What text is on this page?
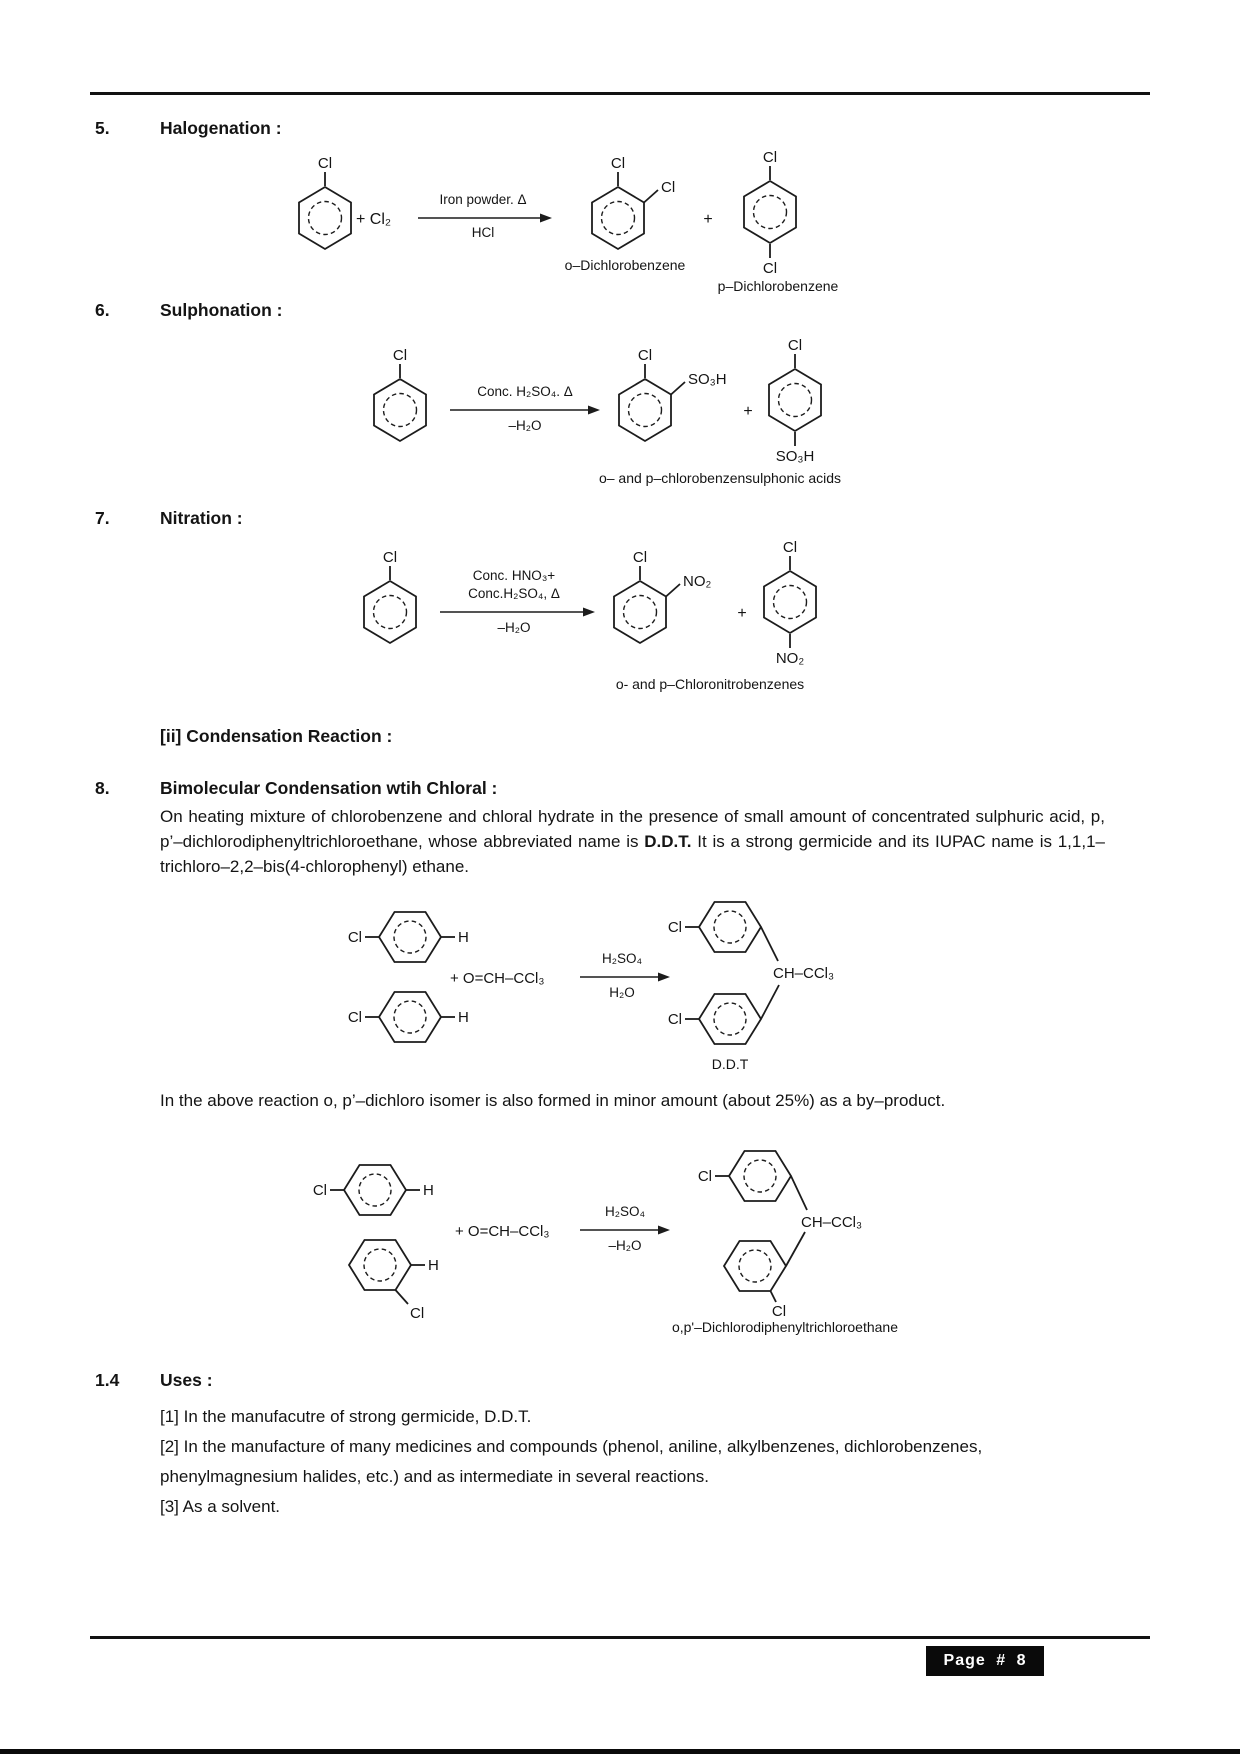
5.	Halogenation :
Cl
+ Cl₂
Iron powder. Δ
HCl
Cl
Cl
o–Dichlorobenzene
+
Cl
Cl
p–Dichlorobenzene
6.	Sulphonation :
Cl
Conc. H₂SO₄. Δ
–H₂O
Cl
SO₃H
+
Cl
SO₃H
o– and p–chlorobenzensulphonic acids
7.	Nitration :
Cl
Conc. HNO₃+
Conc.H₂SO₄, Δ
–H₂O
Cl
NO₂
+
Cl
NO₂
o- and p–Chloronitrobenzenes
[ii] Condensation Reaction :
8.	Bimolecular Condensation wtih Chloral :
On heating mixture of chlorobenzene and chloral hydrate in the presence of small amount of concentrated sulphuric acid, p, p’–dichlorodiphenyltrichloroethane, whose abbreviated name is D.D.T. It is a strong germicide and its IUPAC name is 1,1,1–trichloro–2,2–bis(4-chlorophenyl) ethane.
Cl	H
Cl	H
+ O=CH–CCl₃
H₂SO₄
H₂O
Cl
Cl
CH–CCl₃
D.D.T
In the above reaction o, p’–dichloro isomer is also formed in minor amount (about 25%) as a by–product.
Cl	H
H
Cl
+ O=CH–CCl₃
H₂SO₄
–H₂O
Cl
CH–CCl₃
Cl
o,p'–Dichlorodiphenyltrichloroethane
1.4 Uses :
[1] In the manufacutre of strong germicide, D.D.T.
[2] In the manufacture of many medicines and compounds (phenol, aniline, alkylbenzenes, dichlorobenzenes, phenylmagnesium halides, etc.) and as intermediate in several reactions.
[3] As a solvent.
Page # 8
